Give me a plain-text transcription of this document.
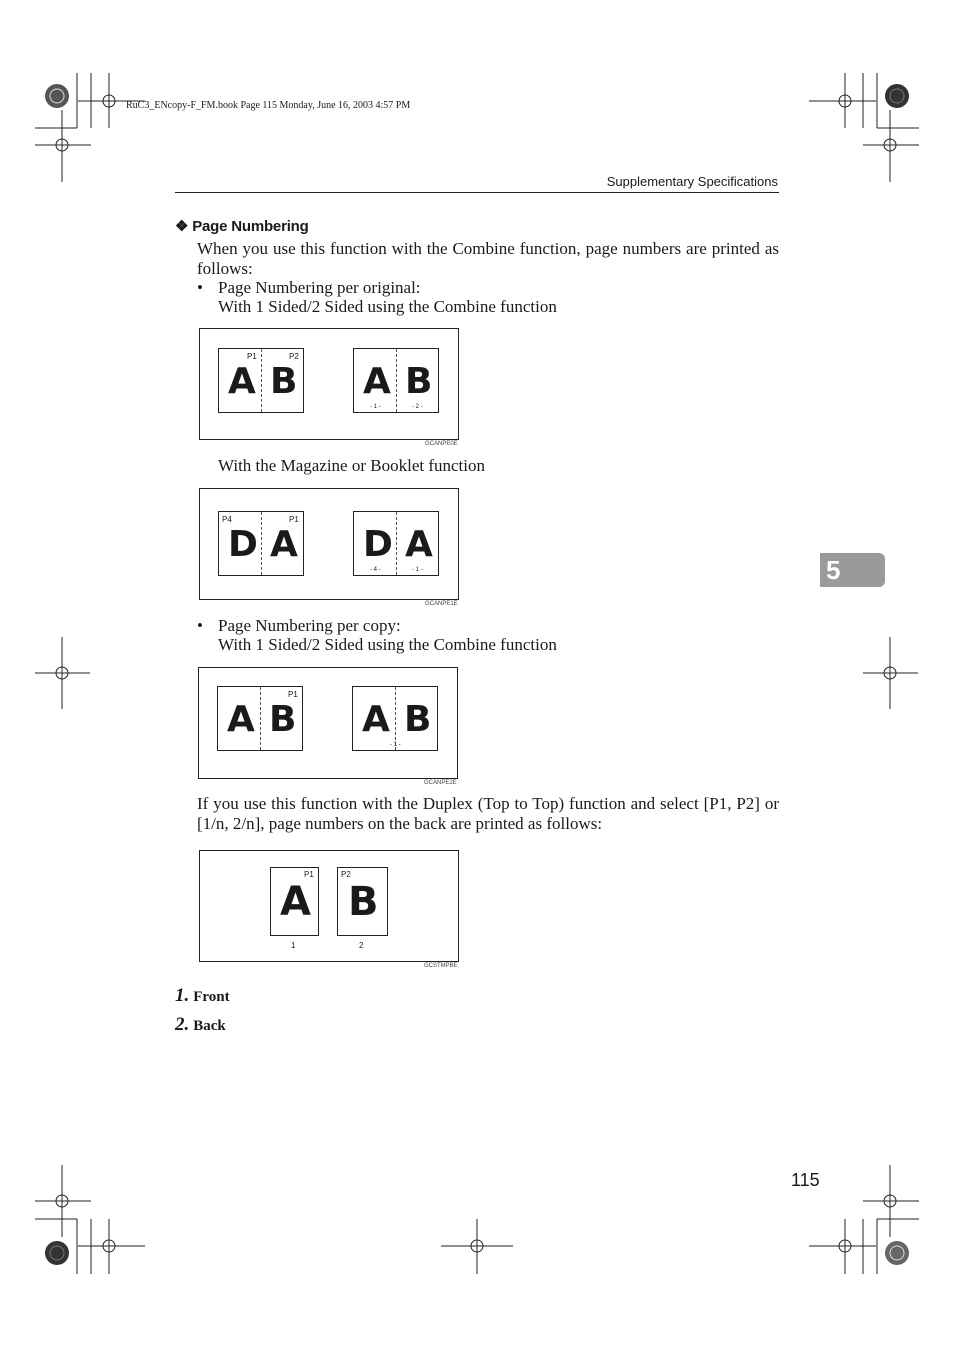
RuC3_ENcopy-F_FM.book Page 115 Monday, June 16, 2003 4:57 PM
Supplementary Specifications
❖ Page Numbering
When you use this function with the Combine function, page numbers are printed as follows:
• Page Numbering per original:
With 1 Sided/2 Sided using the Combine function
P1	P2
A B A B
- 1 -	- 2 -
GCANPE0E
With the Magazine or Booklet function
P4	P1
D A D A
- 4 -	- 1 -
GCANPE1E
• Page Numbering per copy:
With 1 Sided/2 Sided using the Combine function
P1
A B A B
- 1 -
GCANPE2E
If you use this function with the Duplex (Top to Top) function and select [P1, P2] or [1/n, 2/n], page numbers on the back are printed as follows:
P1
A
P2
B
1	2
GCSTMPBE
1. Front
2. Back
5
115
